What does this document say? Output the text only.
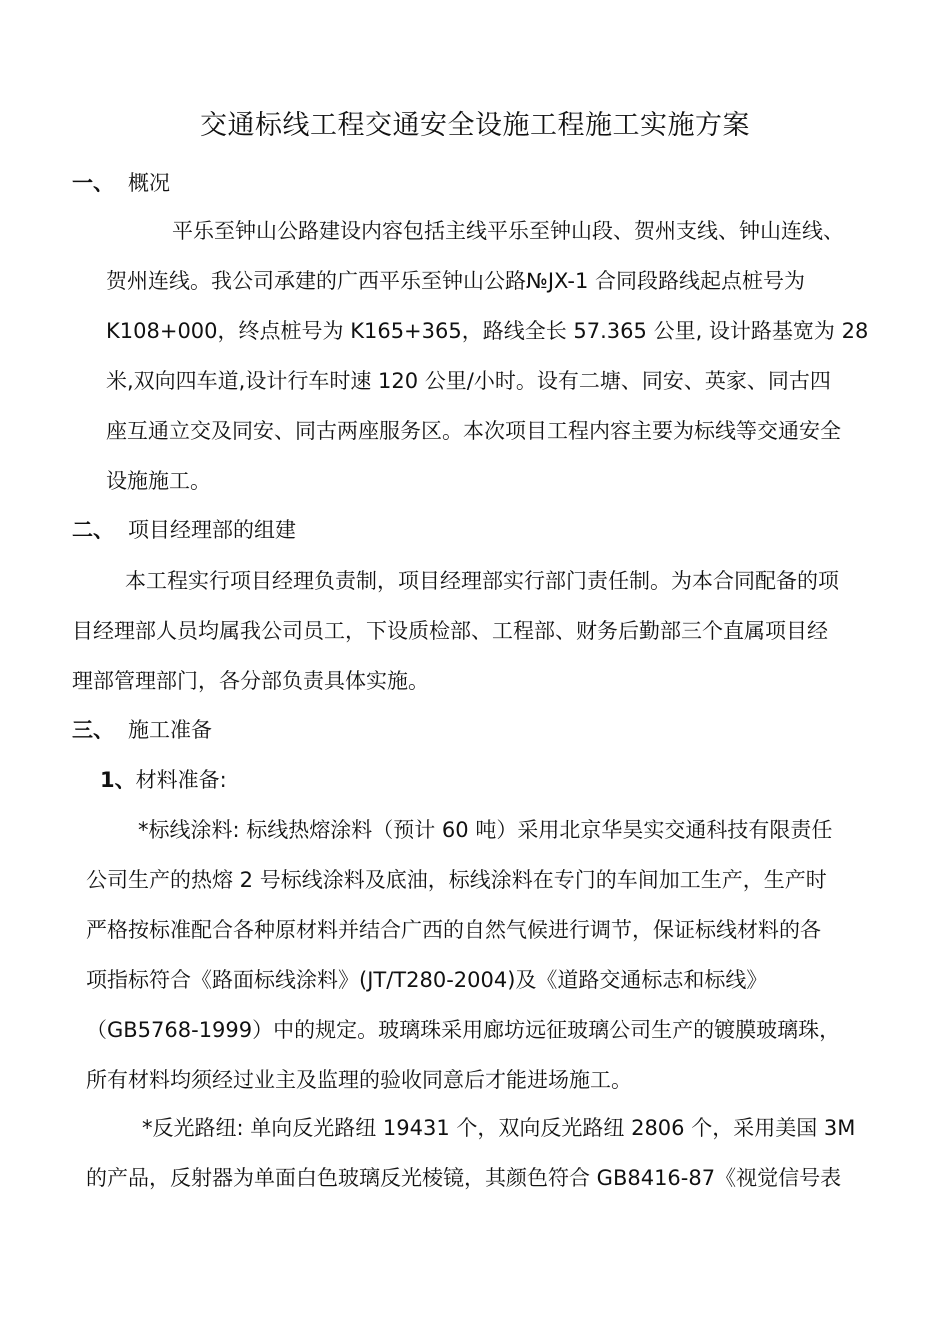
交通标线工程交通安全设施工程施工实施方案
一、 概况
平乐至钟山公路建设内容包括主线平乐至钟山段、贺州支线、钟山连线、
贺州连线。我公司承建的广西平乐至钟山公路№JX-1 合同段路线起点桩号为
K108+000，终点桩号为 K165+365，路线全长 57.365 公里, 设计路基宽为 28
米,双向四车道,设计行车时速 120 公里/小时。设有二塘、同安、英家、同古四
座互通立交及同安、同古两座服务区。本次项目工程内容主要为标线等交通安全
设施施工。
二、 项目经理部的组建
本工程实行项目经理负责制，项目经理部实行部门责任制。为本合同配备的项
目经理部人员均属我公司员工，下设质检部、工程部、财务后勤部三个直属项目经
理部管理部门，各分部负责具体实施。
三、 施工准备
1、材料准备:
*标线涂料: 标线热熔涂料（预计 60 吨）采用北京华昊实交通科技有限责任
公司生产的热熔 2 号标线涂料及底油，标线涂料在专门的车间加工生产，生产时
严格按标准配合各种原材料并结合广西的自然气候进行调节，保证标线材料的各
项指标符合《路面标线涂料》(JT/T280-2004)及《道路交通标志和标线》
（GB5768-1999）中的规定。玻璃珠采用廊坊远征玻璃公司生产的镀膜玻璃珠，
所有材料均须经过业主及监理的验收同意后才能进场施工。
*反光路纽: 单向反光路纽 19431 个，双向反光路纽 2806 个，采用美国 3M
的产品，反射器为单面白色玻璃反光棱镜，其颜色符合 GB8416-87《视觉信号表
